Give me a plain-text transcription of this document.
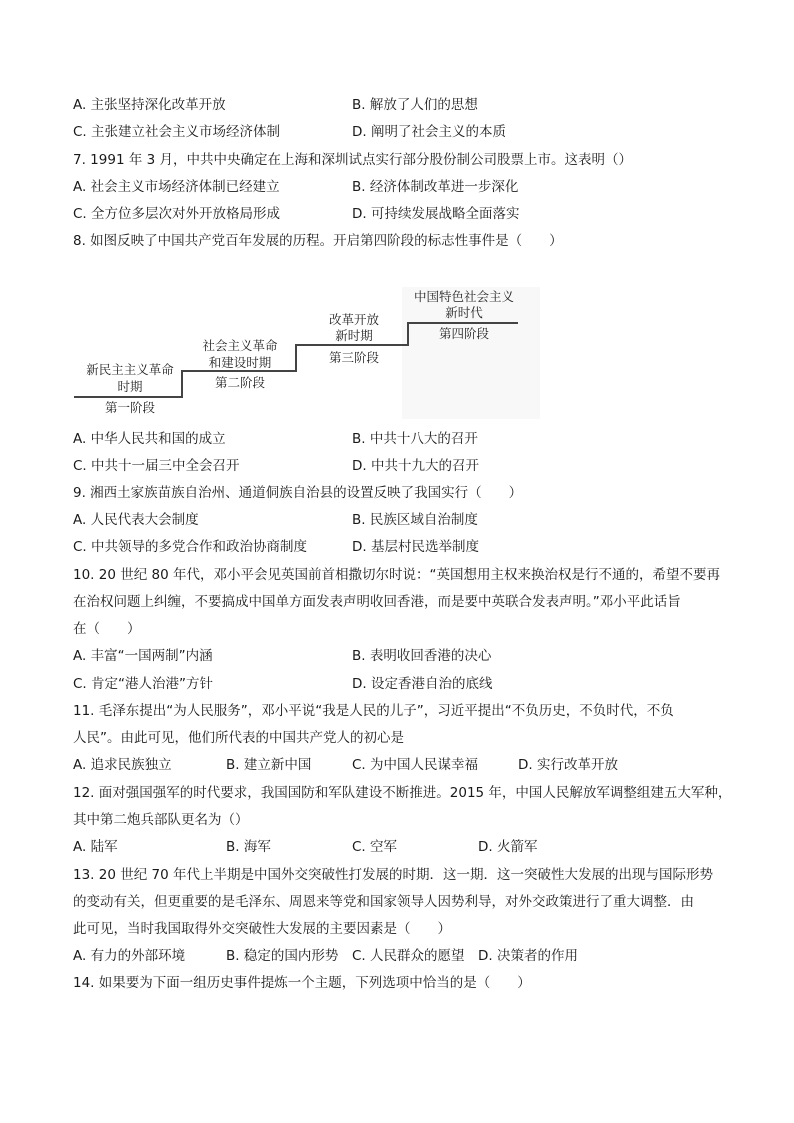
A. 主张坚持深化改革开放	B. 解放了人们的思想
C. 主张建立社会主义市场经济体制	D. 阐明了社会主义的本质
7. 1991 年 3 月，中共中央确定在上海和深圳试点实行部分股份制公司股票上市。这表明（）
A. 社会主义市场经济体制已经建立	B. 经济体制改革进一步深化
C. 全方位多层次对外开放格局形成	D. 可持续发展战略全面落实
8. 如图反映了中国共产党百年发展的历程。开启第四阶段的标志性事件是（　　）
新民主主义革命
时期
第一阶段
社会主义革命
和建设时期
第二阶段
改革开放
新时期
第三阶段
中国特色社会主义
新时代
第四阶段
A. 中华人民共和国的成立	B. 中共十八大的召开
C. 中共十一届三中全会召开	D. 中共十九大的召开
9. 湘西土家族苗族自治州、通道侗族自治县的设置反映了我国实行（　　）
A. 人民代表大会制度	B. 民族区域自治制度
C. 中共领导的多党合作和政治协商制度	D. 基层村民选举制度
10. 20 世纪 80 年代，邓小平会见英国前首相撒切尔时说：“英国想用主权来换治权是行不通的，希望不要再
在治权问题上纠缠，不要搞成中国单方面发表声明收回香港，而是要中英联合发表声明。”邓小平此话旨
在（　　）
A. 丰富“一国两制”内涵	B. 表明收回香港的决心
C. 肯定“港人治港”方针	D. 设定香港自治的底线
11. 毛泽东提出“为人民服务”，邓小平说“我是人民的儿子”，习近平提出“不负历史，不负时代，不负
人民”。由此可见，他们所代表的中国共产党人的初心是
A. 追求民族独立	B. 建立新中国	C. 为中国人民谋幸福	D. 实行改革开放
12. 面对强国强军的时代要求，我国国防和军队建设不断推进。2015 年，中国人民解放军调整组建五大军种，
其中第二炮兵部队更名为（）
A. 陆军	B. 海军	C. 空军	D. 火箭军
13. 20 世纪 70 年代上半期是中国外交突破性打发展的时期．这一期．这一突破性大发展的出现与国际形势
的变动有关，但更重要的是毛泽东、周恩来等党和国家领导人因势利导，对外交政策进行了重大调整．由
此可见，当时我国取得外交突破性大发展的主要因素是（　　）
A. 有力的外部环境	B. 稳定的国内形势 C. 人民群众的愿望 D. 决策者的作用
14. 如果要为下面一组历史事件提炼一个主题，下列选项中恰当的是（　　）
